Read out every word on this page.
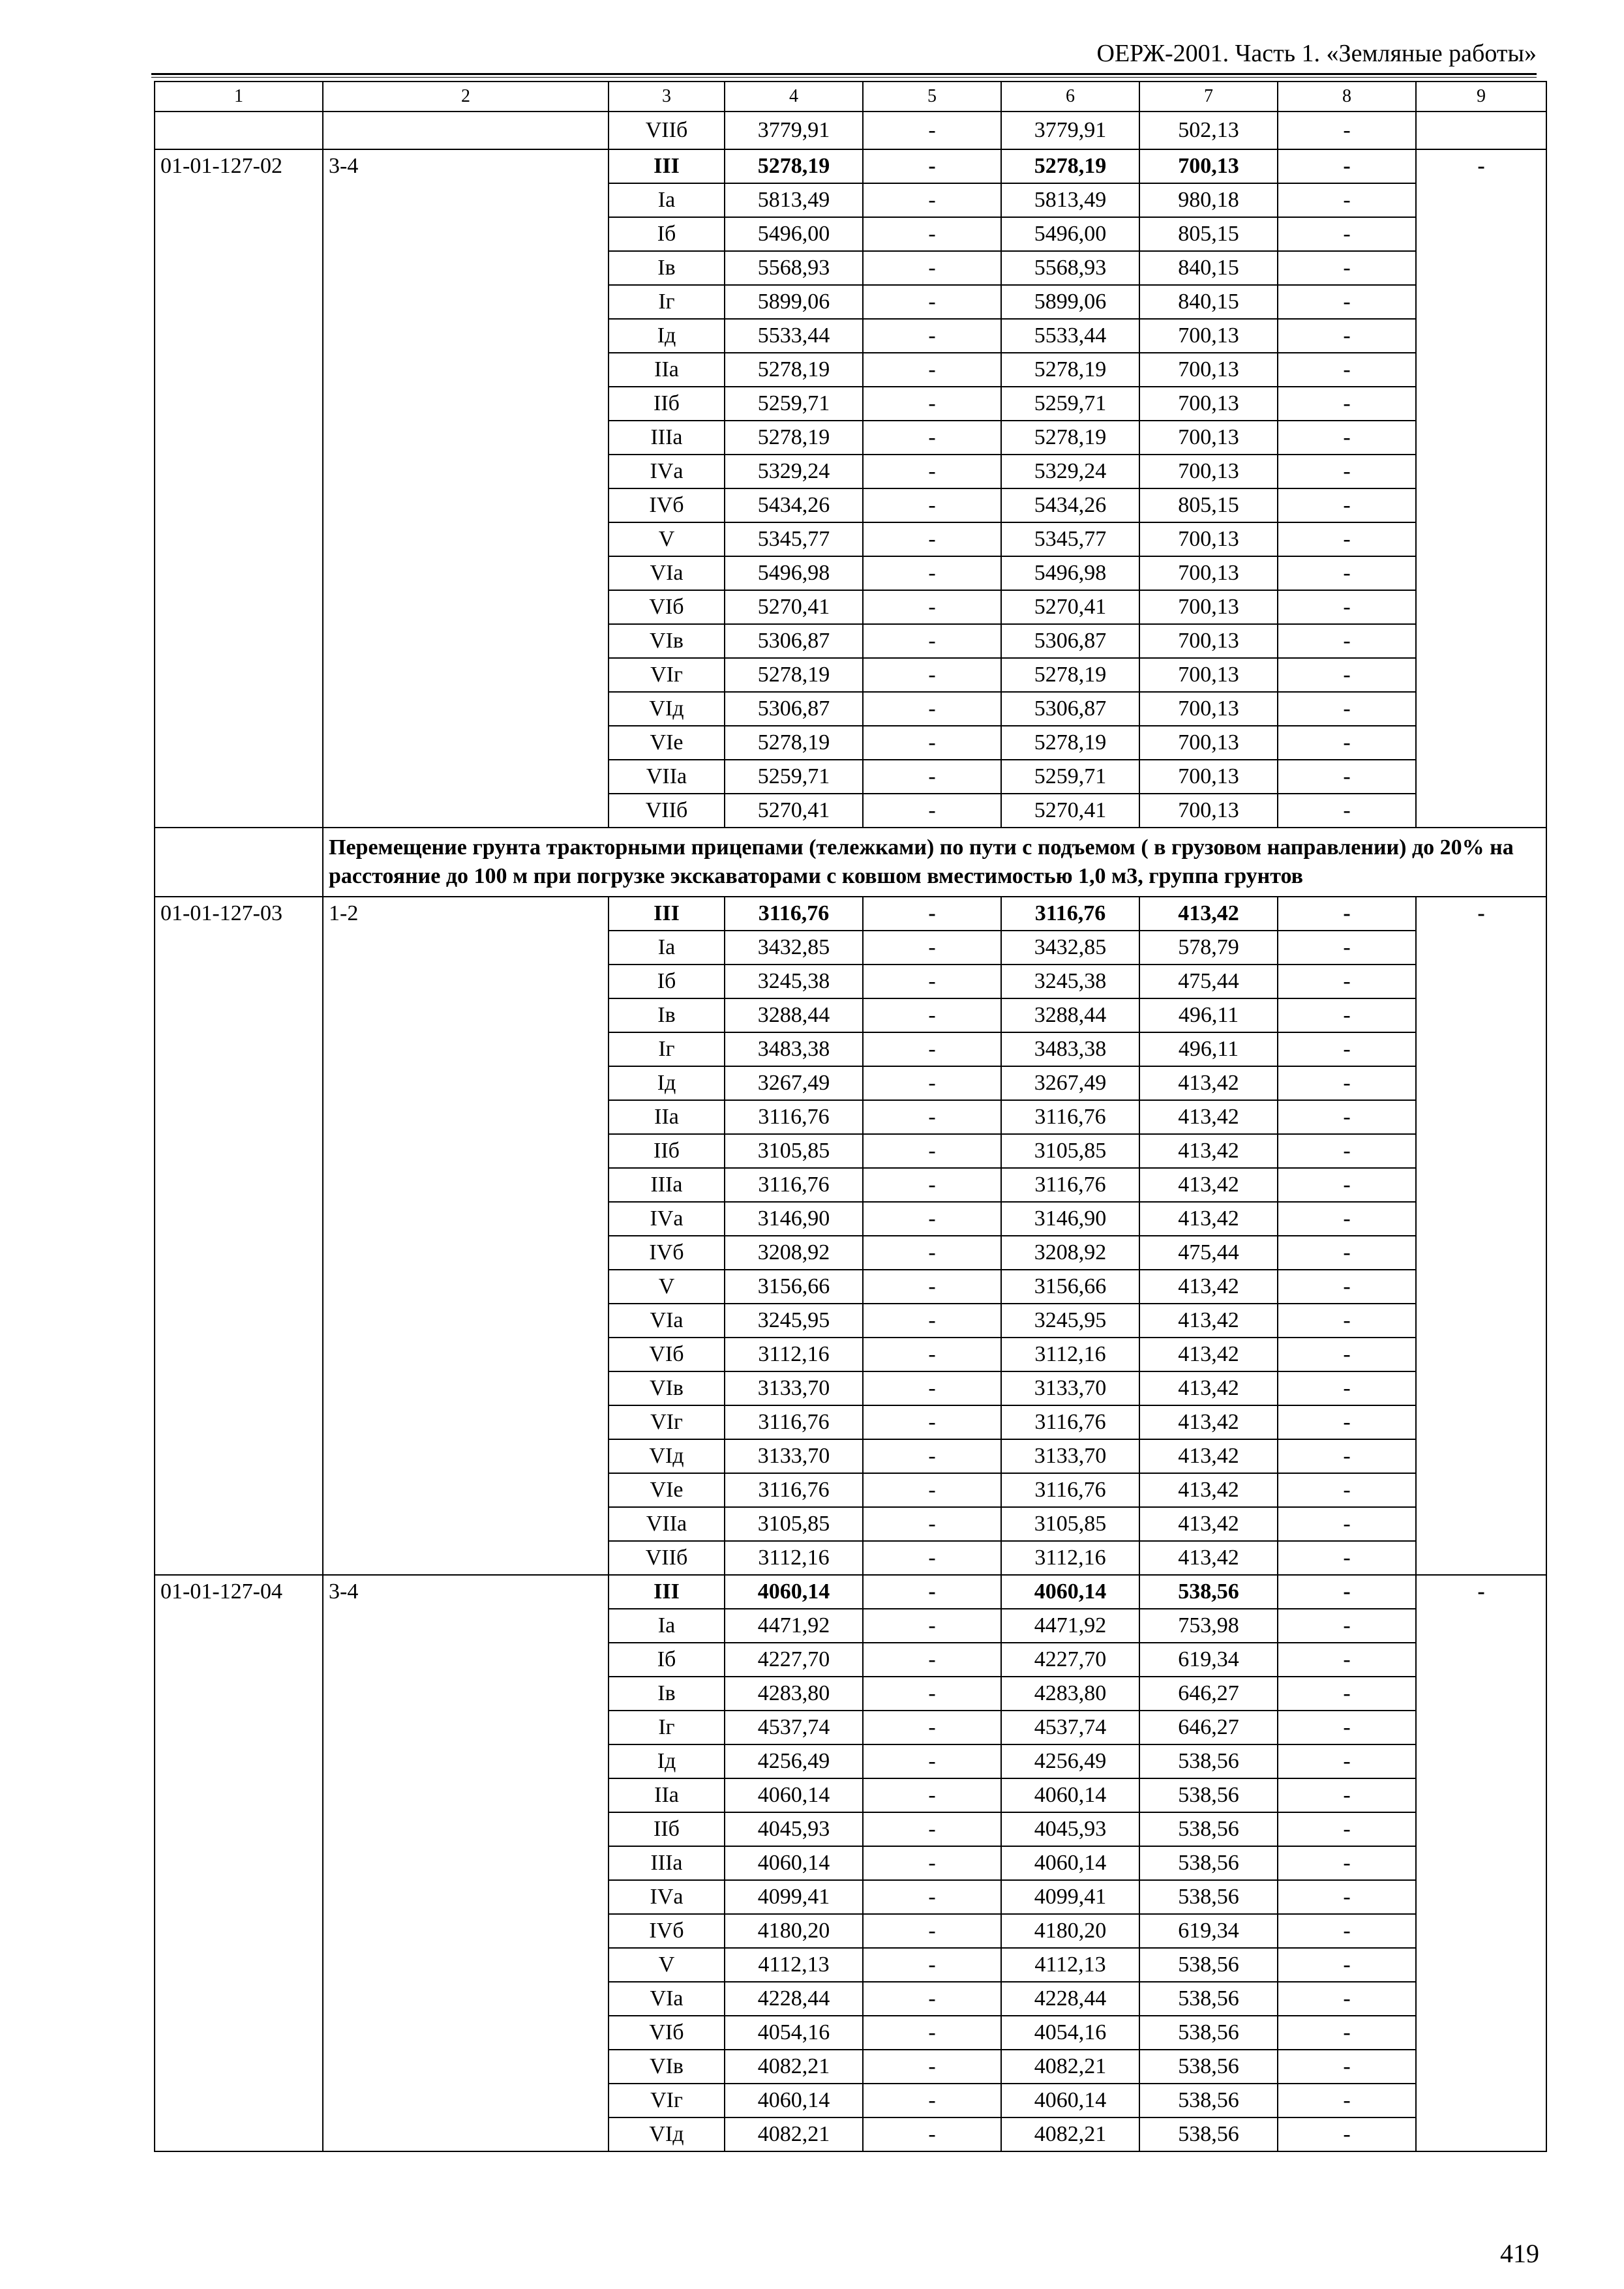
ОЕРЖ-2001. Часть 1. «Земляные работы»
1	2	3	4	5	6	7	8	9
		VIIб	3779,91	-	3779,91	502,13	-	
01-01-127-02	3-4	III	5278,19	-	5278,19	700,13	-	-
		Iа	5813,49	-	5813,49	980,18	-	
		Iб	5496,00	-	5496,00	805,15	-	
		Iв	5568,93	-	5568,93	840,15	-	
		Iг	5899,06	-	5899,06	840,15	-	
		Iд	5533,44	-	5533,44	700,13	-	
		IIа	5278,19	-	5278,19	700,13	-	
		IIб	5259,71	-	5259,71	700,13	-	
		IIIа	5278,19	-	5278,19	700,13	-	
		IVа	5329,24	-	5329,24	700,13	-	
		IVб	5434,26	-	5434,26	805,15	-	
		V	5345,77	-	5345,77	700,13	-	
		VIа	5496,98	-	5496,98	700,13	-	
		VIб	5270,41	-	5270,41	700,13	-	
		VIв	5306,87	-	5306,87	700,13	-	
		VIг	5278,19	-	5278,19	700,13	-	
		VIд	5306,87	-	5306,87	700,13	-	
		VIе	5278,19	-	5278,19	700,13	-	
		VIIа	5259,71	-	5259,71	700,13	-	
		VIIб	5270,41	-	5270,41	700,13	-	
	Перемещение грунта тракторными прицепами (тележками) по пути с подъемом ( в грузовом направлении) до 20% на расстояние до 100 м при погрузке экскаваторами с ковшом вместимостью 1,0 м3, группа грунтов							
01-01-127-03	1-2	III	3116,76	-	3116,76	413,42	-	-
		Iа	3432,85	-	3432,85	578,79	-	
		Iб	3245,38	-	3245,38	475,44	-	
		Iв	3288,44	-	3288,44	496,11	-	
		Iг	3483,38	-	3483,38	496,11	-	
		Iд	3267,49	-	3267,49	413,42	-	
		IIа	3116,76	-	3116,76	413,42	-	
		IIб	3105,85	-	3105,85	413,42	-	
		IIIа	3116,76	-	3116,76	413,42	-	
		IVа	3146,90	-	3146,90	413,42	-	
		IVб	3208,92	-	3208,92	475,44	-	
		V	3156,66	-	3156,66	413,42	-	
		VIа	3245,95	-	3245,95	413,42	-	
		VIб	3112,16	-	3112,16	413,42	-	
		VIв	3133,70	-	3133,70	413,42	-	
		VIг	3116,76	-	3116,76	413,42	-	
		VIд	3133,70	-	3133,70	413,42	-	
		VIе	3116,76	-	3116,76	413,42	-	
		VIIа	3105,85	-	3105,85	413,42	-	
		VIIб	3112,16	-	3112,16	413,42	-	
01-01-127-04	3-4	III	4060,14	-	4060,14	538,56	-	-
		Iа	4471,92	-	4471,92	753,98	-	
		Iб	4227,70	-	4227,70	619,34	-	
		Iв	4283,80	-	4283,80	646,27	-	
		Iг	4537,74	-	4537,74	646,27	-	
		Iд	4256,49	-	4256,49	538,56	-	
		IIа	4060,14	-	4060,14	538,56	-	
		IIб	4045,93	-	4045,93	538,56	-	
		IIIа	4060,14	-	4060,14	538,56	-	
		IVа	4099,41	-	4099,41	538,56	-	
		IVб	4180,20	-	4180,20	619,34	-	
		V	4112,13	-	4112,13	538,56	-	
		VIа	4228,44	-	4228,44	538,56	-	
		VIб	4054,16	-	4054,16	538,56	-	
		VIв	4082,21	-	4082,21	538,56	-	
		VIг	4060,14	-	4060,14	538,56	-	
		VIд	4082,21	-	4082,21	538,56	-	
419
